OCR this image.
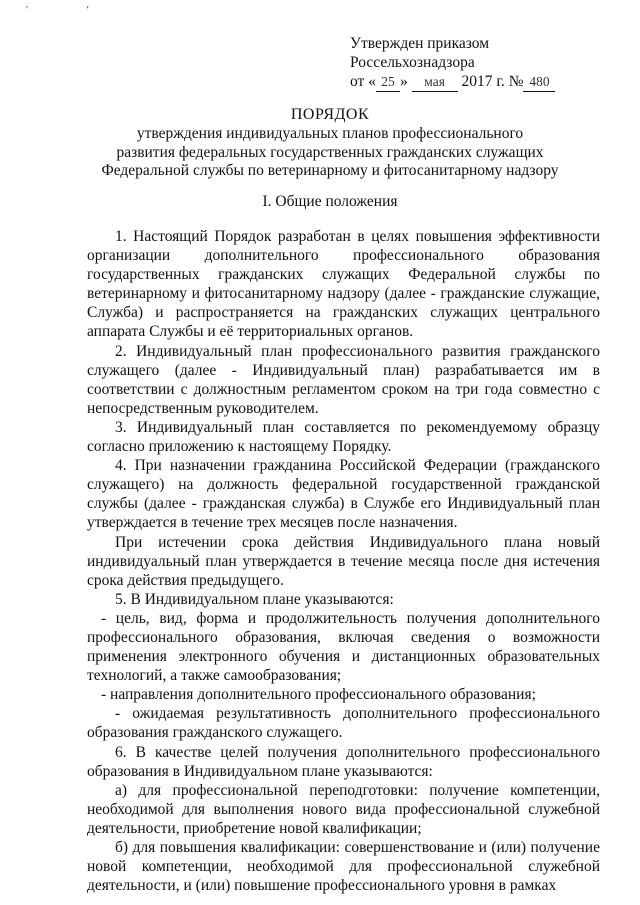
' '
Утвержден приказом
Россельхознадзора
от « 25 » мая 2017 г. № 480
ПОРЯДОК
утверждения индивидуальных планов профессионального
развития федеральных государственных гражданских служащих
Федеральной службы по ветеринарному и фитосанитарному надзору
I. Общие положения

1. Настоящий Порядок разработан в целях повышения эффективности организации дополнительного профессионального образования государственных гражданских служащих Федеральной службы по ветеринарному и фитосанитарному надзору (далее - гражданские служащие, Служба) и распространяется на гражданских служащих центрального аппарата Службы и её территориальных органов.

2. Индивидуальный план профессионального развития гражданского служащего (далее - Индивидуальный план) разрабатывается им в соответствии с должностным регламентом сроком на три года совместно с непосредственным руководителем.

3. Индивидуальный план составляется по рекомендуемому образцу согласно приложению к настоящему Порядку.

4. При назначении гражданина Российской Федерации (гражданского служащего) на должность федеральной государственной гражданской службы (далее - гражданская служба) в Службе его Индивидуальный план утверждается в течение трех месяцев после назначения.

При истечении срока действия Индивидуального плана новый индивидуальный план утверждается в течение месяца после дня истечения срока действия предыдущего.

5. В Индивидуальном плане указываются:

- цель, вид, форма и продолжительность получения дополнительного профессионального образования, включая сведения о возможности применения электронного обучения и дистанционных образовательных технологий, а также самообразования;

- направления дополнительного профессионального образования;

- ожидаемая результативность дополнительного профессионального образования гражданского служащего.

6. В качестве целей получения дополнительного профессионального образования в Индивидуальном плане указываются:

а) для профессиональной переподготовки: получение компетенции, необходимой для выполнения нового вида профессиональной служебной деятельности, приобретение новой квалификации;

б) для повышения квалификации: совершенствование и (или) получение новой компетенции, необходимой для профессиональной служебной деятельности, и (или) повышение профессионального уровня в рамках
